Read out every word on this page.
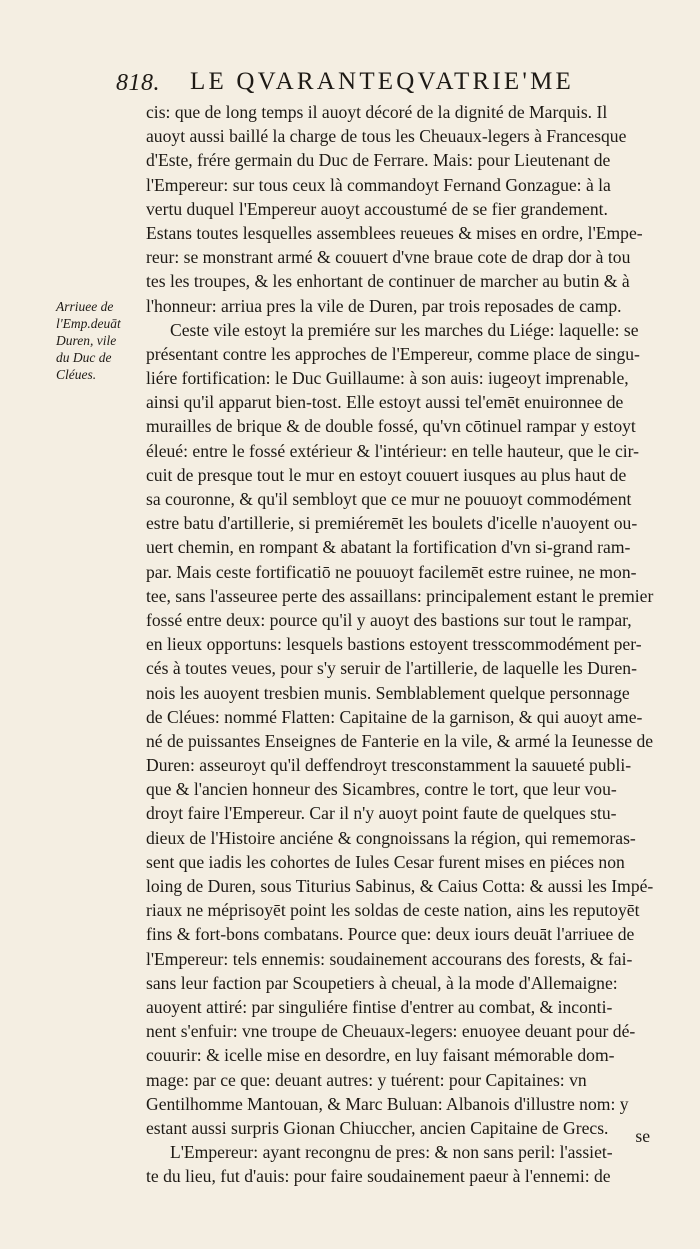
818. LE QVARANTEQVATRIE'ME
Arriuee de
l'Emp.deuāt
Duren, vile
du Duc de
Cléues.
cis: que de long temps il auoyt décoré de la dignité de Marquis. Il
auoyt aussi baillé la charge de tous les Cheuaux-legers à Francesque
d'Este, frére germain du Duc de Ferrare. Mais: pour Lieutenant de
l'Empereur: sur tous ceux là commandoyt Fernand Gonzague: à la
vertu duquel l'Empereur auoyt accoustumé de se fier grandement.
Estans toutes lesquelles assemblees reueues & mises en ordre, l'Empe-
reur: se monstrant armé & couuert d'vne braue cote de drap dor à tou
tes les troupes, & les enhortant de continuer de marcher au butin & à
l'honneur: arriua pres la vile de Duren, par trois reposades de camp.
Ceste vile estoyt la premiére sur les marches du Liége: laquelle: se
présentant contre les approches de l'Empereur, comme place de singu-
liére fortification: le Duc Guillaume: à son auis: iugeoyt imprenable,
ainsi qu'il apparut bien-tost. Elle estoyt aussi tel'emēt enuironnee de
murailles de brique & de double fossé, qu'vn cōtinuel rampar y estoyt
éleué: entre le fossé extérieur & l'intérieur: en telle hauteur, que le cir-
cuit de presque tout le mur en estoyt couuert iusques au plus haut de
sa couronne, & qu'il sembloyt que ce mur ne pouuoyt commodément
estre batu d'artillerie, si premiéremēt les boulets d'icelle n'auoyent ou-
uert chemin, en rompant & abatant la fortification d'vn si-grand ram-
par. Mais ceste fortificatiō ne pouuoyt facilemēt estre ruinee, ne mon-
tee, sans l'asseuree perte des assaillans: principalement estant le premier
fossé entre deux: pource qu'il y auoyt des bastions sur tout le rampar,
en lieux opportuns: lesquels bastions estoyent tresscommodément per-
cés à toutes veues, pour s'y seruir de l'artillerie, de laquelle les Duren-
nois les auoyent tresbien munis. Semblablement quelque personnage
de Cléues: nommé Flatten: Capitaine de la garnison, & qui auoyt ame-
né de puissantes Enseignes de Fanterie en la vile, & armé la Ieunesse de
Duren: asseuroyt qu'il deffendroyt tresconstamment la sauueté publi-
que & l'ancien honneur des Sicambres, contre le tort, que leur vou-
droyt faire l'Empereur. Car il n'y auoyt point faute de quelques stu-
dieux de l'Histoire anciéne & congnoissans la région, qui rememoras-
sent que iadis les cohortes de Iules Cesar furent mises en piéces non
loing de Duren, sous Titurius Sabinus, & Caius Cotta: & aussi les Impé-
riaux ne méprisoyēt point les soldas de ceste nation, ains les reputoyēt
fins & fort-bons combatans. Pource que: deux iours deuāt l'arriuee de
l'Empereur: tels ennemis: soudainement accourans des forests, & fai-
sans leur faction par Scoupetiers à cheual, à la mode d'Allemaigne:
auoyent attiré: par singuliére fintise d'entrer au combat, & inconti-
nent s'enfuir: vne troupe de Cheuaux-legers: enuoyee deuant pour dé-
couurir: & icelle mise en desordre, en luy faisant mémorable dom-
mage: par ce que: deuant autres: y tuérent: pour Capitaines: vn
Gentilhomme Mantouan, & Marc Buluan: Albanois d'illustre nom: y
estant aussi surpris Gionan Chiuccher, ancien Capitaine de Grecs.
L'Empereur: ayant recongnu de pres: & non sans peril: l'assiet-
te du lieu, fut d'auis: pour faire soudainement paeur à l'ennemi: de
se
